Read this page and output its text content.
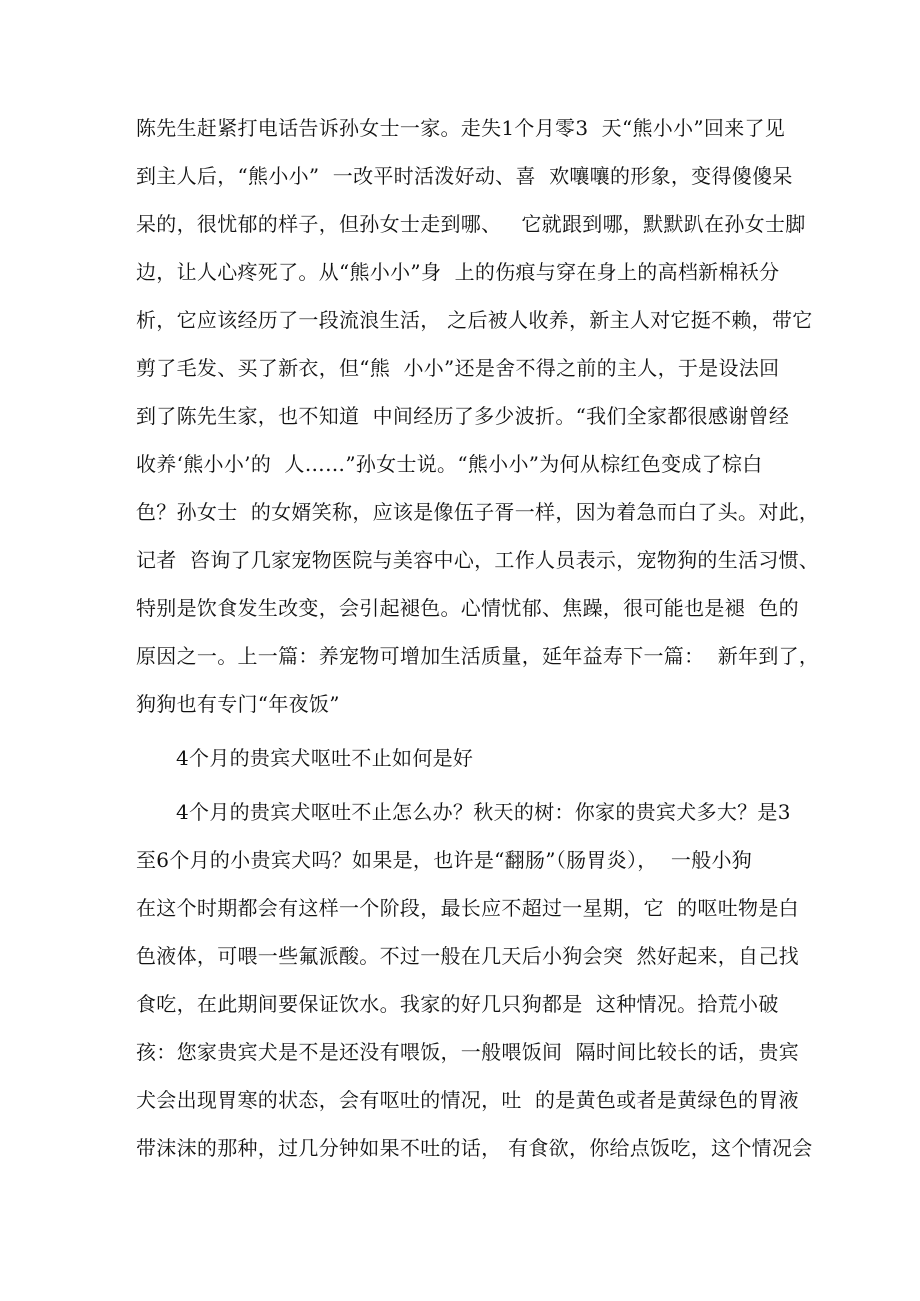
陈先生赶紧打电话告诉孙女士一家。走失1个月零3  天“熊小小”回来了见
到主人后，“熊小小”  一改平时活泼好动、喜  欢嚷嚷的形象，变得傻傻呆
呆的，很忧郁的样子，但孙女士走到哪、   它就跟到哪，默默趴在孙女士脚
边，让人心疼死了。从“熊小小”身  上的伤痕与穿在身上的高档新棉袄分
析，它应该经历了一段流浪生活， 之后被人收养，新主人对它挺不赖，带它
剪了毛发、买了新衣，但“熊  小小”还是舍不得之前的主人，于是设法回
到了陈先生家，也不知道  中间经历了多少波折。“我们全家都很感谢曾经
收养‘熊小小’的  人……”孙女士说。“熊小小”为何从棕红色变成了棕白
色？孙女士  的女婿笑称，应该是像伍子胥一样，因为着急而白了头。对此，
记者  咨询了几家宠物医院与美容中心，工作人员表示，宠物狗的生活习惯、
特别是饮食发生改变，会引起褪色。心情忧郁、焦躁，很可能也是褪  色的
原因之一。上一篇：养宠物可增加生活质量，延年益寿下一篇：  新年到了，
狗狗也有专门“年夜饭”
4个月的贵宾犬呕吐不止如何是好
4个月的贵宾犬呕吐不止怎么办？秋天的树：你家的贵宾犬多大？是3
至6个月的小贵宾犬吗？如果是，也许是“翻肠”（肠胃炎），  一般小狗
在这个时期都会有这样一个阶段，最长应不超过一星期，它  的呕吐物是白
色液体，可喂一些氟派酸。不过一般在几天后小狗会突  然好起来，自己找
食吃，在此期间要保证饮水。我家的好几只狗都是  这种情况。拾荒小破
孩：您家贵宾犬是不是还没有喂饭，一般喂饭间  隔时间比较长的话，贵宾
犬会出现胃寒的状态，会有呕吐的情况，吐  的是黄色或者是黄绿色的胃液
带沫沫的那种，过几分钟如果不吐的话， 有食欲，你给点饭吃，这个情况会
